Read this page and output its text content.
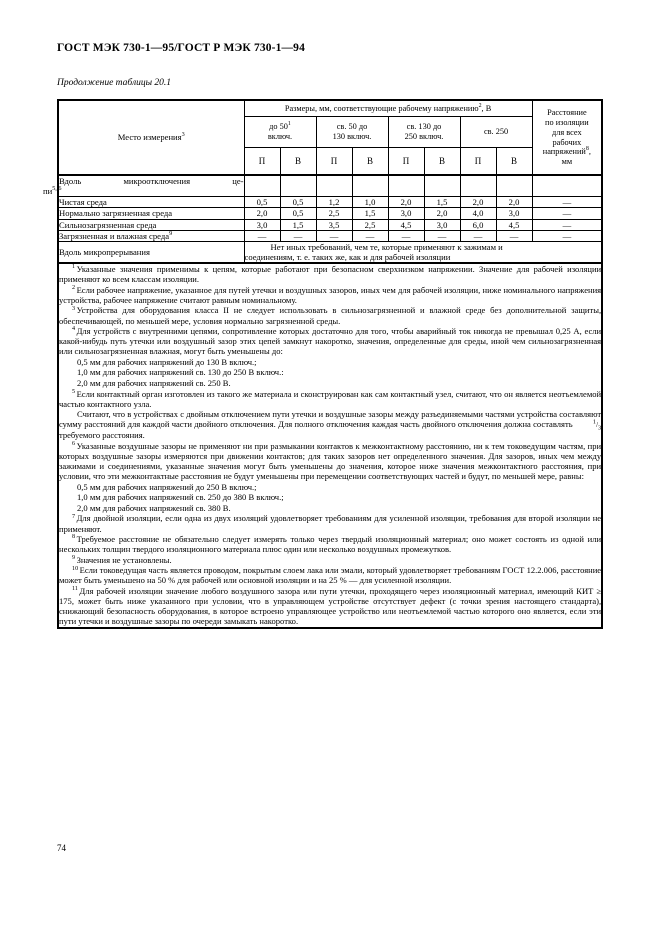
ГОСТ МЭК 730-1—95/ГОСТ Р МЭК 730-1—94
Продолжение таблицы 20.1
Место измерения$^3$	Размеры, мм, соответствующие рабочему напряжению$^2$, В	Расстояние
по изоляции
для всех
рабочих
напряжений$^8$,
мм
	до $50^1$
включ.		св. 50 до
130 включ.		св. 130 до
250 включ.		св. 250		
	П	В	П	В	П	В	П	В	
Вдоль микроотключения це-
пи$^{5, 6}$

Чистая среда	0,5	0,5	1,2	1,0	2,0	1,5	2,0	2,0	—
Нормально загрязненная среда	2,0	0,5	2,5	1,5	3,0	2,0	4,0	3,0	—
Сильнозагрязненная среда	3,0	1,5	3,5	2,5	4,5	3,0	6,0	4,5	—
Загрязненная и влажная среда$^9$	—	—	—	—	—	—	—	—	—
Вдоль микропрерывания	Нет иных требований, чем те, которые применяют к зажимам и
соединениям, т. е. таких же, как и для рабочей изоляции								

$^1$ Указанные значения применимы к цепям, которые работают при безопасном сверхнизком напряжении. Значение для рабочей изоляции применяют ко всем классам изоляции.

$^2$ Если рабочее напряжение, указанное для путей утечки и воздушных зазоров, иных чем для рабочей изоляции, ниже номинального напряжения устройства, рабочее напряжение считают равным номинальному.

$^3$ Устройства для оборудования класса II не следует использовать в сильнозагрязненной и влажной среде без дополнительной защиты, обеспечивающей, по меньшей мере, условия нормально загрязненной среды.

$^4$ Для устройств с внутренними цепями, сопротивление которых достаточно для того, чтобы аварийный ток никогда не превышал 0,25 А, если какой-нибудь путь утечки или воздушный зазор этих цепей замкнут накоротко, значения, определенные для среды, иной чем сильнозагрязненная или сильнозагрязненная влажная, могут быть уменьшены до:

0,5 мм для рабочих напряжений до 130 В включ.;

1,0 мм для рабочих напряжений св. 130 до 250 В включ.:

2,0 мм для рабочих напряжений св. 250 В.

$^5$ Если контактный орган изготовлен из такого же материала и сконструирован как сам контактный узел, считают, что он является неотъемлемой частью контактного узла.

Считают, что в устройствах с двойным отключением пути утечки и воздушные зазоры между разъединяемыми частями устройства составляют сумму расстояний для каждой части двойного отключения. Для полного отключения каждая часть двойного отключения должна составлять	1/3 требуемого расстояния.

$^6$ Указанные воздушные зазоры не применяют ни при размыкании контактов к межконтактному расстоянию, ни к тем токоведущим частям, при которых воздушные зазоры измеряются при движении контактов; для таких зазоров нет определенного значения. Для зазоров, иных чем между зажимами и соединениями, указанные значения могут быть уменьшены до значения, которое ниже значения межконтактного расстояния, при условии, что эти межконтактные расстояния не будут уменьшены при перемещении соответствующих частей и будут, по меньшей мере, равны:

0,5 мм для рабочих напряжений до 250 В включ.;

1,0 мм для рабочих напряжений св. 250 до 380 В включ.;

2,0 мм для рабочих напряжений св. 380 В.

$^7$ Для двойной изоляции, если одна из двух изоляций удовлетворяет требованиям для усиленной изоляции, требования для второй изоляции не применяют.

$^8$ Требуемое расстояние не обязательно следует измерять только через твердый изоляционный материал; оно может состоять из одной или нескольких толщин твердого изоляционного материала плюс один или несколько воздушных промежутков.

$^9$ Значения не установлены.

$^{10}$ Если токоведущая часть является проводом, покрытым слоем лака или эмали, который удовлетворяет требованиям ГОСТ 12.2.006, расстояние может быть уменьшено на 50 % для рабочей или основной изоляции и на 25 % — для усиленной изоляции.

$^{11}$ Для рабочей изоляции значение любого воздушного зазора или пути утечки, проходящего через изоляционный материал, имеющий КИТ ≥ 175, может быть ниже указанного при условии, что в управляющем устройстве отсутствует дефект (с точки зрения настоящего стандарта), снижающий безопасность оборудования, в которое встроено управляющее устройство или неотъемлемой частью которого оно является, если эти пути утечки и воздушные зазоры по очереди замыкать накоротко.

74
